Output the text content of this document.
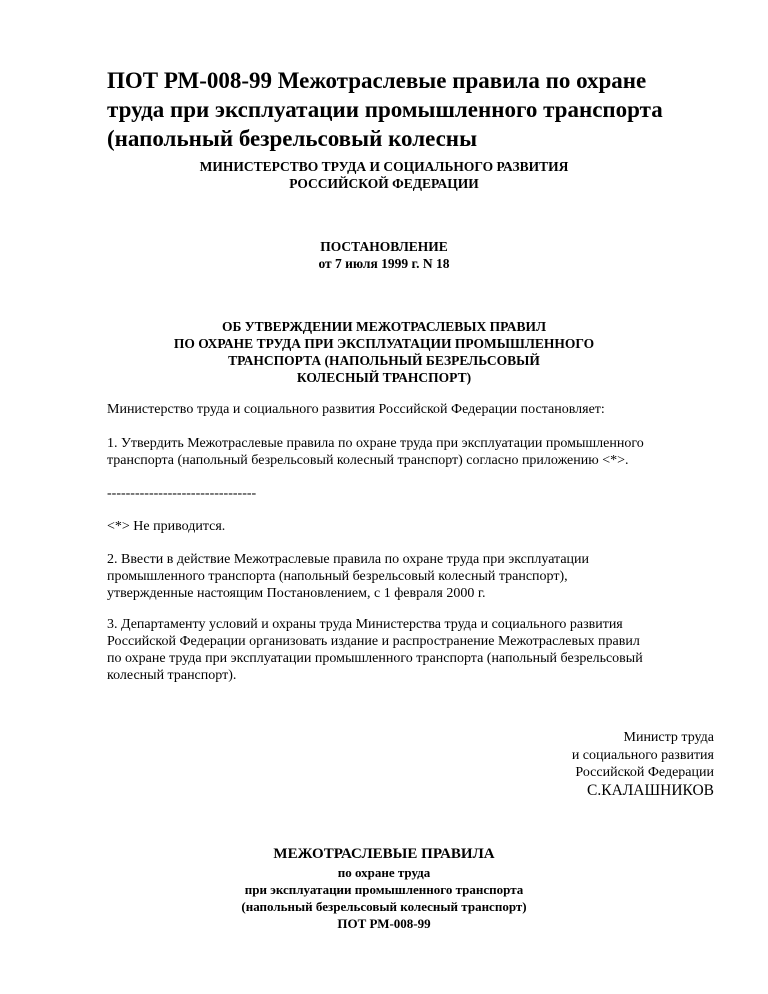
ПОТ РМ-008-99 Межотраслевые правила по охране
труда при эксплуатации промышленного транспорта
(напольный безрельсовый колесны
МИНИСТЕРСТВО ТРУДА И СОЦИАЛЬНОГО РАЗВИТИЯ
РОССИЙСКОЙ ФЕДЕРАЦИИ
ПОСТАНОВЛЕНИЕ
от 7 июля 1999 г. N 18
ОБ УТВЕРЖДЕНИИ МЕЖОТРАСЛЕВЫХ ПРАВИЛ
ПО ОХРАНЕ ТРУДА ПРИ ЭКСПЛУАТАЦИИ ПРОМЫШЛЕННОГО
ТРАНСПОРТА (НАПОЛЬНЫЙ БЕЗРЕЛЬСОВЫЙ
КОЛЕСНЫЙ ТРАНСПОРТ)

Министерство труда и социального развития Российской Федерации постановляет:

1. Утвердить Межотраслевые правила по охране труда при эксплуатации промышленного
транспорта (напольный безрельсовый колесный транспорт) согласно приложению <*>.

--------------------------------

<*> Не приводится.

2. Ввести в действие Межотраслевые правила по охране труда при эксплуатации
промышленного транспорта (напольный безрельсовый колесный транспорт),
утвержденные настоящим Постановлением, с 1 февраля 2000 г.

3. Департаменту условий и охраны труда Министерства труда и социального развития
Российской Федерации организовать издание и распространение Межотраслевых правил
по охране труда при эксплуатации промышленного транспорта (напольный безрельсовый
колесный транспорт).

Министр труда
и социального развития
Российской Федерации
С.КАЛАШНИКОВ
МЕЖОТРАСЛЕВЫЕ ПРАВИЛА
по охране труда
при эксплуатации промышленного транспорта
(напольный безрельсовый колесный транспорт)
ПОТ РМ-008-99
